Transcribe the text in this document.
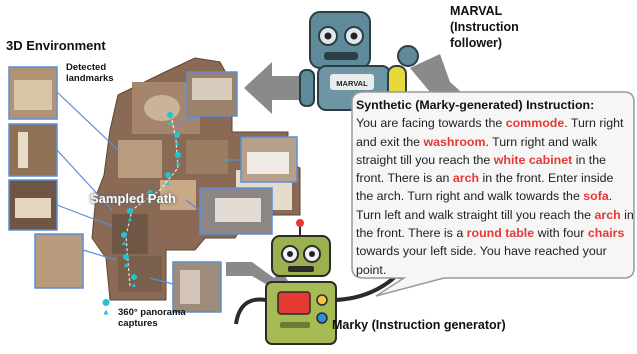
3D Environment
Detected landmarks
MARVAL (Instruction follower)
MARVAL
Sampled Path
360° panorama captures
Synthetic (Marky-generated) Instruction:
You are facing towards the commode. Turn right and exit the washroom. Turn right and walk straight till you reach the white cabinet in the front. There is an arch in the front. Enter inside the arch. Turn right and walk towards the sofa. Turn left and walk straight till you reach the arch in the front. There is a round table with four chairs towards your left side. You have reached your point.
Marky (Instruction generator)
